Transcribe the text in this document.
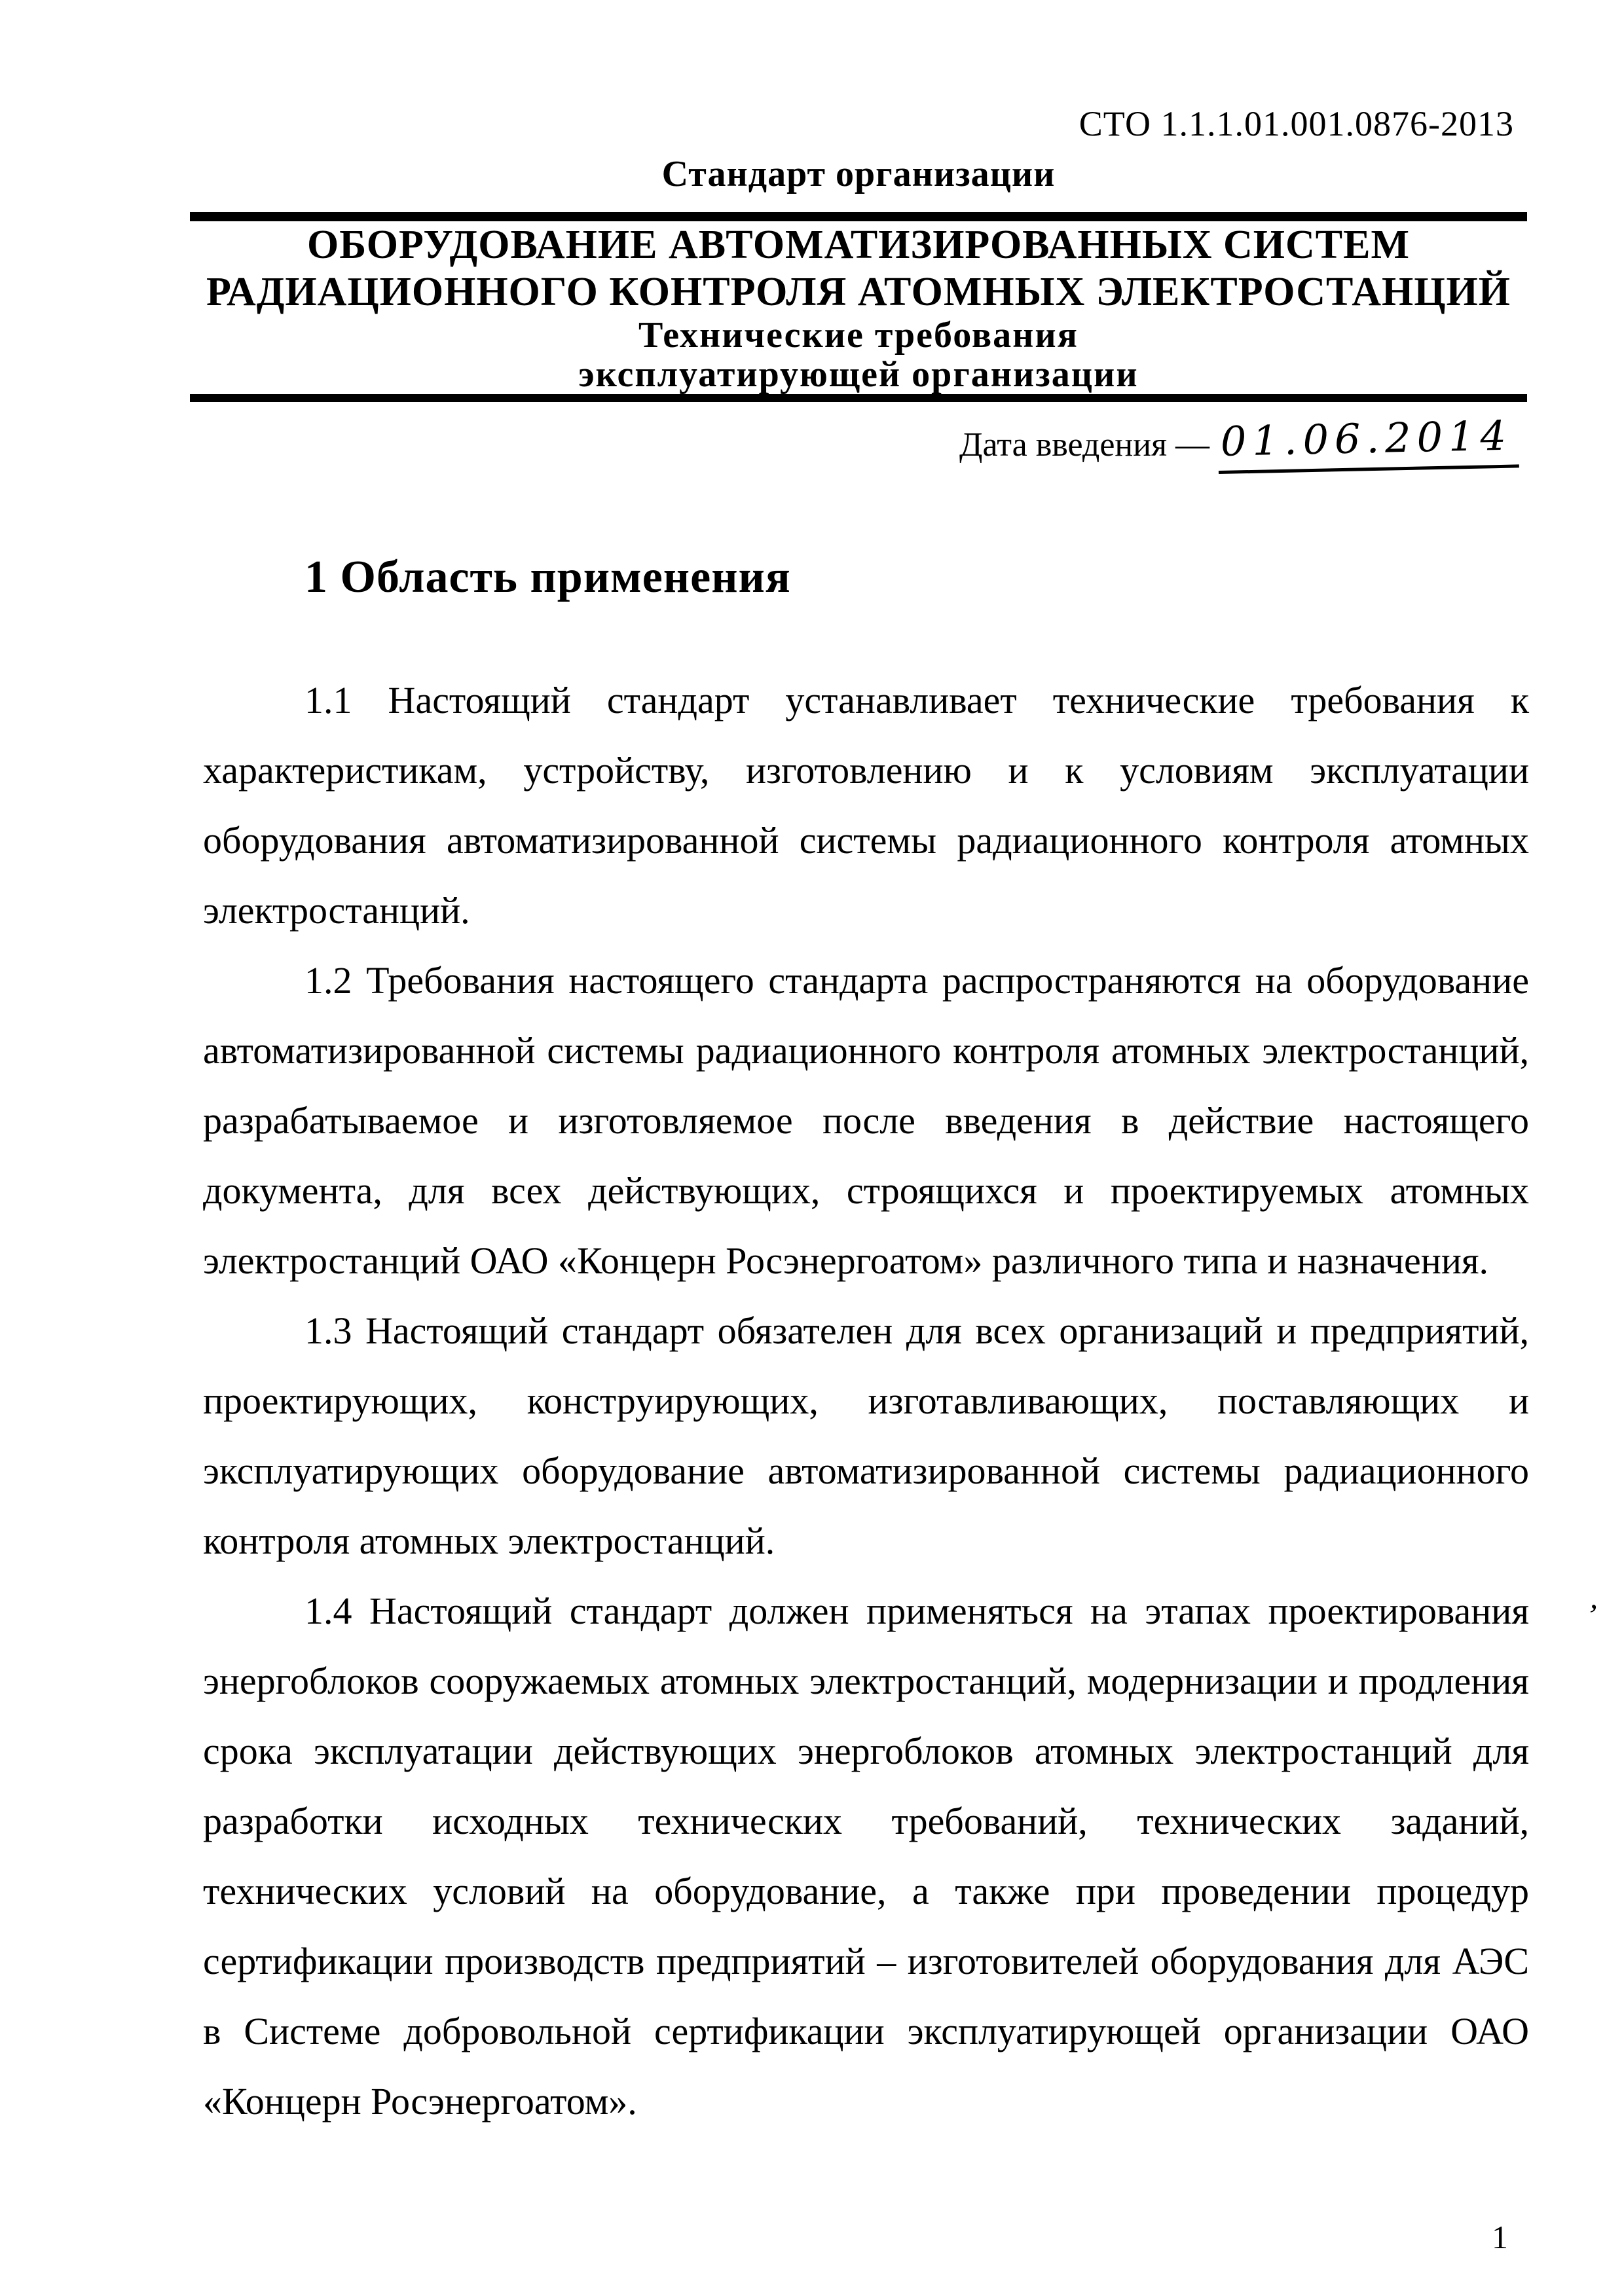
СТО 1.1.1.01.001.0876-2013
Стандарт организации
ОБОРУДОВАНИЕ АВТОМАТИЗИРОВАННЫХ СИСТЕМ
РАДИАЦИОННОГО КОНТРОЛЯ АТОМНЫХ ЭЛЕКТРОСТАНЦИЙ
Технические требования
эксплуатирующей организации
Дата введения — 01.06.2014
1 Область применения

1.1 Настоящий стандарт устанавливает технические требования к характеристикам, устройству, изготовлению и к условиям эксплуатации оборудования автоматизированной системы радиационного контроля атомных электростанций.

1.2 Требования настоящего стандарта распространяются на оборудование автоматизированной системы радиационного контроля атомных электростанций, разрабатываемое и изготовляемое после введения в действие настоящего документа, для всех действующих, строящихся и проектируемых атомных электростанций ОАО «Концерн Росэнергоатом» различного типа и назначения.

1.3 Настоящий стандарт обязателен для всех организаций и предприятий, проектирующих, конструирующих, изготавливающих, поставляющих и эксплуатирующих оборудование автоматизированной системы радиационного контроля атомных электростанций.

1.4 Настоящий стандарт должен применяться на этапах проектирования энергоблоков сооружаемых атомных электростанций, модернизации и продления срока эксплуатации действующих энергоблоков атомных электростанций для разработки исходных технических требований, технических заданий, технических условий на оборудование, а также при проведении процедур сертификации производств предприятий – изготовителей оборудования для АЭС в Системе добровольной сертификации эксплуатирующей организации ОАО «Концерн Росэнергоатом».

’
1
